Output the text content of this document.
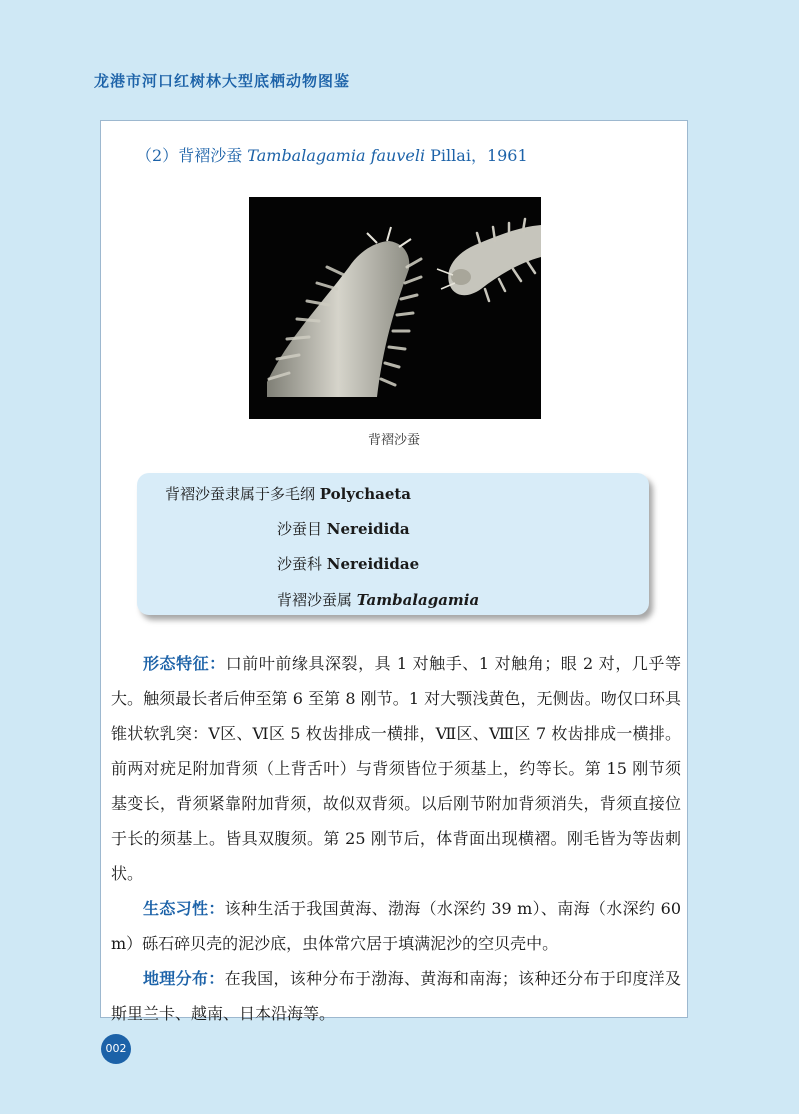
龙港市河口红树林大型底栖动物图鉴
（2）背褶沙蚕 Tambalagamia fauveli Pillai，1961
背褶沙蚕
背褶沙蚕隶属于多毛纲 Polychaeta
沙蚕目 Nereidida
沙蚕科 Nereididae
背褶沙蚕属 Tambalagamia

形态特征：口前叶前缘具深裂，具 1 对触手、1 对触角；眼 2 对，几乎等大。触须最长者后伸至第 6 至第 8 刚节。1 对大颚浅黄色，无侧齿。吻仅口环具锥状软乳突：Ⅴ区、Ⅵ区 5 枚齿排成一横排，Ⅶ区、Ⅷ区 7 枚齿排成一横排。前两对疣足附加背须（上背舌叶）与背须皆位于须基上，约等长。第 15 刚节须基变长，背须紧靠附加背须，故似双背须。以后刚节附加背须消失，背须直接位于长的须基上。皆具双腹须。第 25 刚节后，体背面出现横褶。刚毛皆为等齿刺状。

生态习性：该种生活于我国黄海、渤海（水深约 39 m）、南海（水深约 60 m）砾石碎贝壳的泥沙底，虫体常穴居于填满泥沙的空贝壳中。

地理分布：在我国，该种分布于渤海、黄海和南海；该种还分布于印度洋及斯里兰卡、越南、日本沿海等。

002
